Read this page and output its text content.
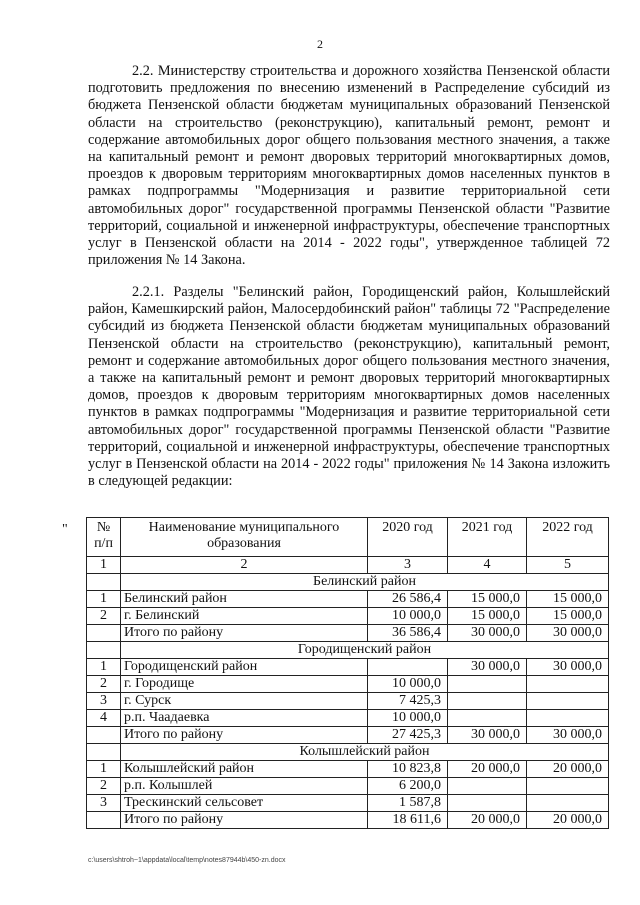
2

2.2. Министерству строительства и дорожного хозяйства Пензенской области подготовить предложения по внесению изменений в Распределение субсидий из бюджета Пензенской области бюджетам муниципальных образований Пензенской области на строительство (реконструкцию), капитальный ремонт, ремонт и содержание автомобильных дорог общего пользования местного значения, а также на капитальный ремонт и ремонт дворовых территорий многоквартирных домов, проездов к дворовым территориям многоквартирных домов населенных пунктов в рамках подпрограммы "Модернизация и развитие территориальной сети автомобильных дорог" государственной программы Пензенской области "Развитие территорий, социальной и инженерной инфраструктуры, обеспечение транспортных услуг в Пензенской области на 2014 - 2022 годы", утвержденное таблицей 72 приложения № 14 Закона.

2.2.1. Разделы "Белинский район, Городищенский район, Колышлейский район, Камешкирский район, Малосердобинский район" таблицы 72 "Распределение субсидий из бюджета Пензенской области бюджетам муниципальных образований Пензенской области на строительство (реконструкцию), капитальный ремонт, ремонт и содержание автомобильных дорог общего пользования местного значения, а также на капитальный ремонт и ремонт дворовых территорий многоквартирных домов, проездов к дворовым территориям многоквартирных домов населенных пунктов в рамках подпрограммы "Модернизация и развитие территориальной сети автомобильных дорог" государственной программы Пензенской области "Развитие территорий, социальной и инженерной инфраструктуры, обеспечение транспортных услуг в Пензенской области на 2014 - 2022 годы" приложения № 14 Закона изложить в следующей редакции:

"	№
п/п	Наименование муниципального образования	2020 год	2021 год	2022 год
1	2	3	4	5
	Белинский район			
1	Белинский район	26 586,4	15 000,0	15 000,0
2	г. Белинский	10 000,0	15 000,0	15 000,0
	Итого по району	36 586,4	30 000,0	30 000,0
	Городищенский район			
1	Городищенский район		30 000,0	30 000,0
2	г. Городище	10 000,0		
3	г. Сурск	7 425,3		
4	р.п. Чаадаевка	10 000,0		
	Итого по району	27 425,3	30 000,0	30 000,0
	Колышлейский район			
1	Колышлейский район	10 823,8	20 000,0	20 000,0
2	р.п. Колышлей	6 200,0		
3	Трескинский сельсовет	1 587,8		
	Итого по району	18 611,6	20 000,0	20 000,0
c:\users\shtroh~1\appdata\local\temp\notes87944b\450-zn.docx
